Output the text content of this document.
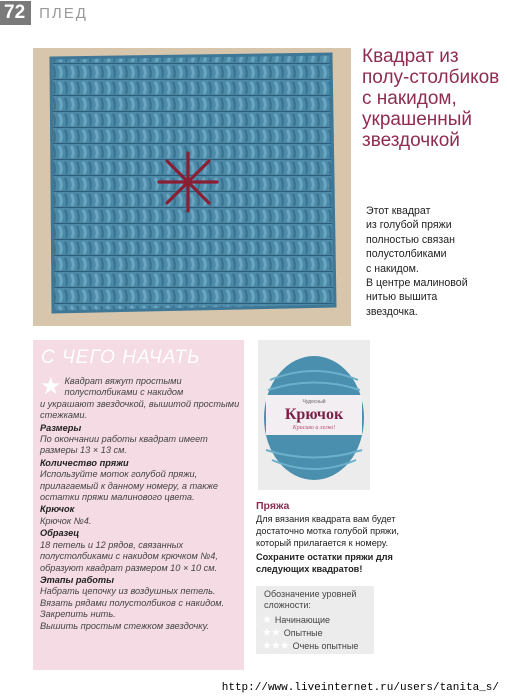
72 ПЛЕД
Квадрат из полу-столбиков с накидом, украшенный звездочкой

Этот квадрат

из голубой пряжи

полностью связан

полустолбиками

с накидом.

В центре малиновой

нитью вышита

звездочка.

С ЧЕГО НАЧАТЬ
★ Квадрат вяжут простыми

полустолбиками с накидом

и украшают звездочкой, вышитой простыми

стежками.

Размеры

По окончании работы квадрат имеет

размеры 13 × 13 см.

Количество пряжи

Используйте моток голубой пряжи,

прилагаемый к данному номеру, а также

остатки пряжи малинового цвета.

Крючок

Крючок №4.

Образец

18 петель и 12 рядов, связанных

полустолбиками с накидом крючком №4,

образуют квадрат размером 10 × 10 см.

Этапы работы

Набрать цепочку из воздушных петель.

Вязать рядами полустолбиков с накидом.

Закрепить нить.

Вышить простым стежком звездочку.

Чудесный
Крючок
Красиво и легко!
Пряжа

Для вязания квадрата вам будет

достаточно мотка голубой пряжи,

который прилагается к номеру.

Сохраните остатки пряжи для
следующих квадратов!
Обозначение уровней
сложности:
★ Начинающие
★★ Опытные
★★★ Очень опытные
http://www.liveinternet.ru/users/tanita_s/
